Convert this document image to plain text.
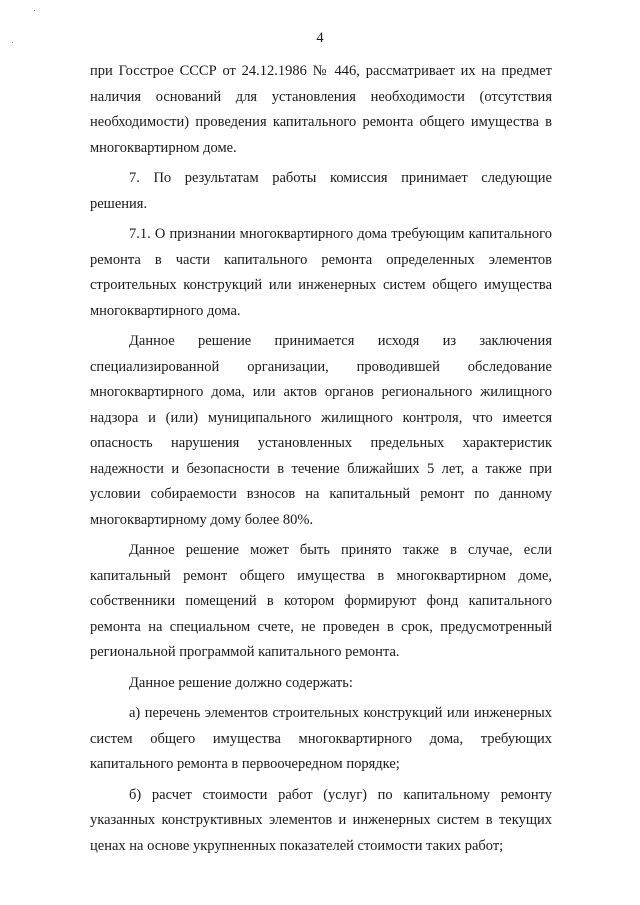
4

при Госстрое СССР от 24.12.1986 № 446, рассматривает их на предмет наличия оснований для установления необходимости (отсутствия необходимости) проведения капитального ремонта общего имущества в многоквартирном доме.

7. По результатам работы комиссия принимает следующие решения.

7.1. О признании многоквартирного дома требующим капитального ремонта в части капитального ремонта определенных элементов строительных конструкций или инженерных систем общего имущества многоквартирного дома.

Данное решение принимается исходя из заключения специализированной организации, проводившей обследование многоквартирного дома, или актов органов регионального жилищного надзора и (или) муниципального жилищного контроля, что имеется опасность нарушения установленных предельных характеристик надежности и безопасности в течение ближайших 5 лет, а также при условии собираемости взносов на капитальный ремонт по данному многоквартирному дому более 80%.

Данное решение может быть принято также в случае, если капитальный ремонт общего имущества в многоквартирном доме, собственники помещений в котором формируют фонд капитального ремонта на специальном счете, не проведен в срок, предусмотренный региональной программой капитального ремонта.

Данное решение должно содержать:

а) перечень элементов строительных конструкций или инженерных систем общего имущества многоквартирного дома, требующих капитального ремонта в первоочередном порядке;

б) расчет стоимости работ (услуг) по капитальному ремонту указанных конструктивных элементов и инженерных систем в текущих ценах на основе укрупненных показателей стоимости таких работ;
